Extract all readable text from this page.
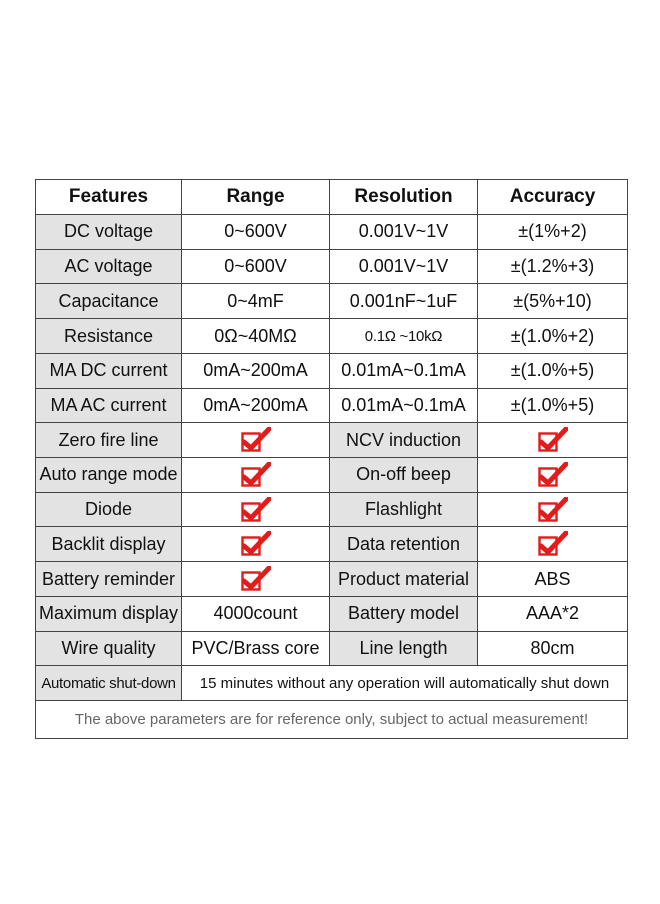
Features	Range	Resolution	Accuracy
DC voltage	0~600V	0.001V~1V	±(1%+2)
AC voltage	0~600V	0.001V~1V	±(1.2%+3)
Capacitance	0~4mF	0.001nF~1uF	±(5%+10)
Resistance	0Ω~40MΩ	0.1Ω ~10kΩ	±(1.0%+2)
MA DC current	0mA~200mA	0.01mA~0.1mA	±(1.0%+5)
MA AC current	0mA~200mA	0.01mA~0.1mA	±(1.0%+5)
Zero fire line		NCV induction	

Auto range mode		On-off beep	

Diode		Flashlight	

Backlit display		Data retention	

Battery reminder		Product material	ABS
Maximum display	4000count	Battery model	AAA*2
Wire quality	PVC/Brass core	Line length	80cm
Automatic shut-down	15 minutes without any operation will automatically shut down		
The above parameters are for reference only, subject to actual measurement!			
